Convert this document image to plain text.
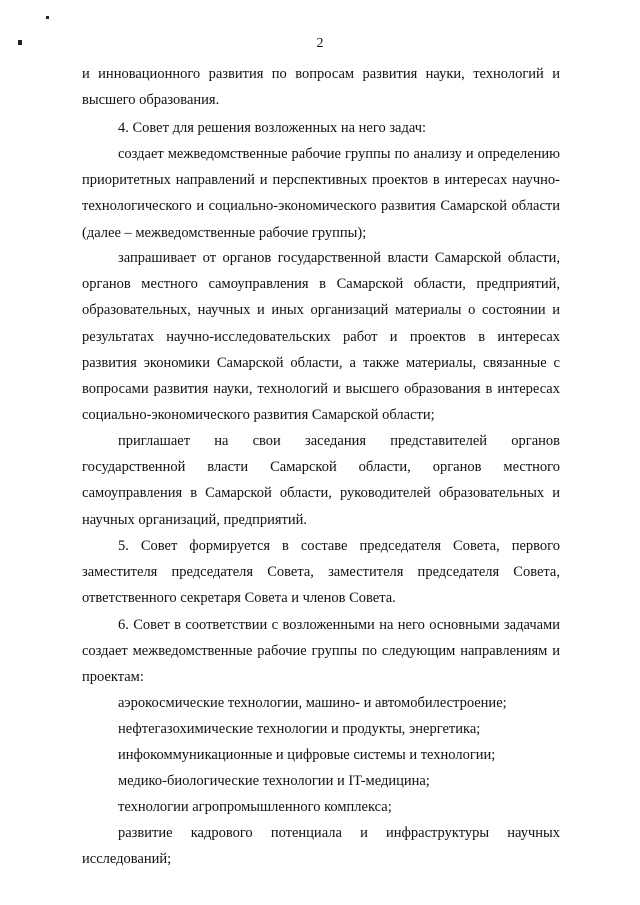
2
и инновационного развития по вопросам развития науки, технологий и высшего образования.
4. Совет для решения возложенных на него задач:
создает межведомственные рабочие группы по анализу и определению приоритетных направлений и перспективных проектов в интересах научно-технологического и социально-экономического развития Самарской области (далее – межведомственные рабочие группы);
запрашивает от органов государственной власти Самарской области, органов местного самоуправления в Самарской области, предприятий, образовательных, научных и иных организаций материалы о состоянии и результатах научно-исследовательских работ и проектов в интересах развития экономики Самарской области, а также материалы, связанные с вопросами развития науки, технологий и высшего образования в интересах социально-экономического развития Самарской области;
приглашает на свои заседания представителей органов государственной власти Самарской области, органов местного самоуправления в Самарской области, руководителей образовательных и научных организаций, предприятий.
5. Совет формируется в составе председателя Совета, первого заместителя председателя Совета, заместителя председателя Совета, ответственного секретаря Совета и членов Совета.
6. Совет в соответствии с возложенными на него основными задачами создает межведомственные рабочие группы по следующим направлениям и проектам:
аэрокосмические технологии, машино- и автомобилестроение;
нефтегазохимические технологии и продукты, энергетика;
инфокоммуникационные и цифровые системы и технологии;
медико-биологические технологии и IT-медицина;
технологии агропромышленного комплекса;
развитие кадрового потенциала и инфраструктуры научных исследований;
